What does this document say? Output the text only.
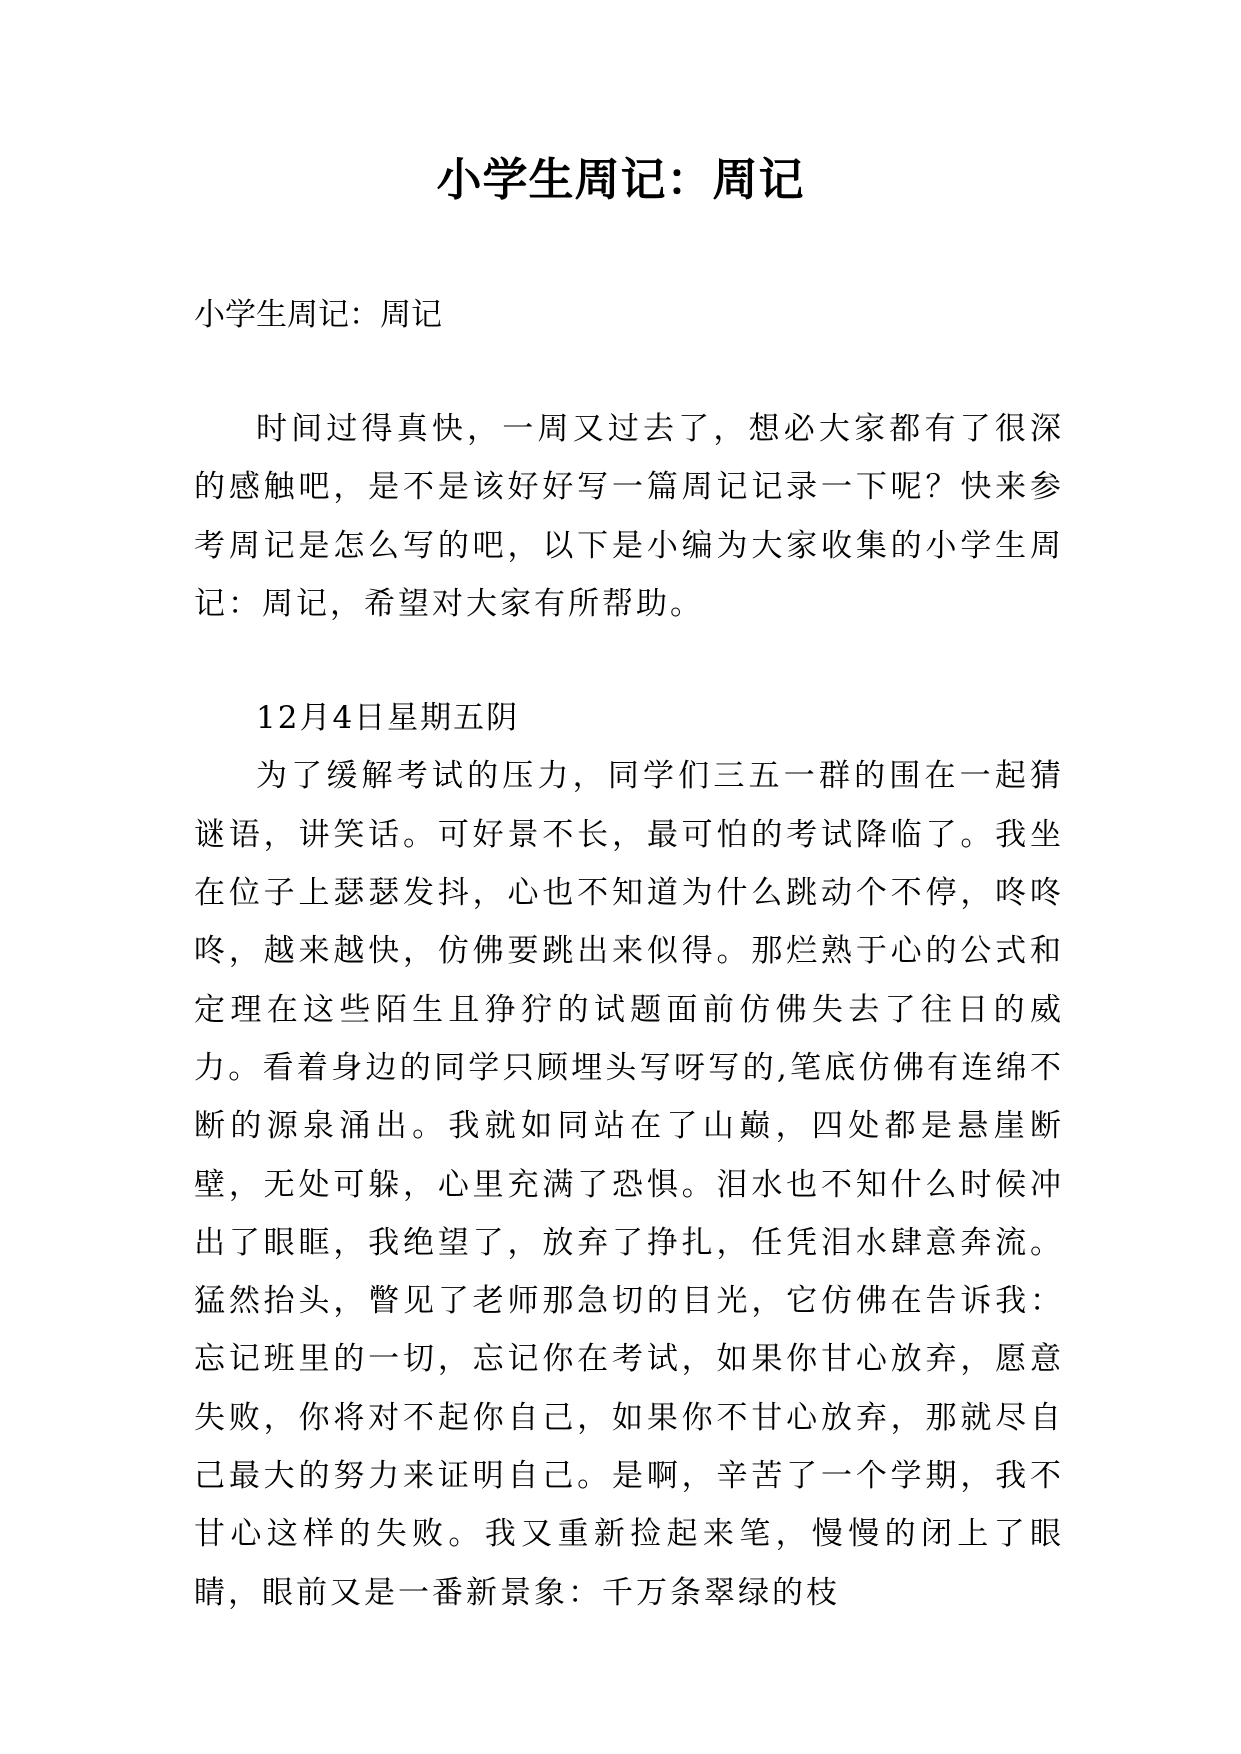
小学生周记：周记

小学生周记：周记

时间过得真快，一周又过去了，想必大家都有了很深的感触吧，是不是该好好写一篇周记记录一下呢？快来参考周记是怎么写的吧，以下是小编为大家收集的小学生周记：周记，希望对大家有所帮助。

12月4日星期五阴

为了缓解考试的压力，同学们三五一群的围在一起猜谜语，讲笑话。可好景不长，最可怕的考试降临了。我坐在位子上瑟瑟发抖，心也不知道为什么跳动个不停，咚咚咚，越来越快，仿佛要跳出来似得。那烂熟于心的公式和定理在这些陌生且狰狞的试题面前仿佛失去了往日的威力。看着身边的同学只顾埋头写呀写的,笔底仿佛有连绵不断的源泉涌出。我就如同站在了山巅，四处都是悬崖断壁，无处可躲，心里充满了恐惧。泪水也不知什么时候冲出了眼眶，我绝望了，放弃了挣扎，任凭泪水肆意奔流。猛然抬头，瞥见了老师那急切的目光，它仿佛在告诉我：忘记班里的一切，忘记你在考试，如果你甘心放弃，愿意失败，你将对不起你自己，如果你不甘心放弃，那就尽自己最大的努力来证明自己。是啊，辛苦了一个学期，我不甘心这样的失败。我又重新捡起来笔，慢慢的闭上了眼睛，眼前又是一番新景象：千万条翠绿的枝
